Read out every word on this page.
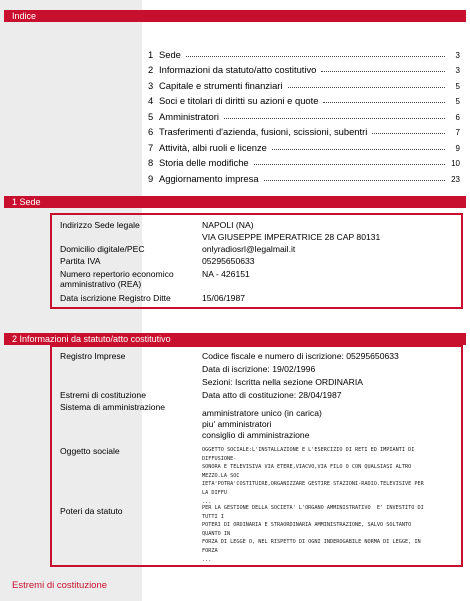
Indice
1 Sede	3
2 Informazioni da statuto/atto costitutivo	3
3 Capitale e strumenti finanziari	5
4 Soci e titolari di diritti su azioni e quote	5
5 Amministratori	6
6 Trasferimenti d'azienda, fusioni, scissioni, subentri	7
7 Attività, albi ruoli e licenze	9
8 Storia delle modifiche	10
9 Aggiornamento impresa	23
1 Sede
Indirizzo Sede legale	NAPOLI (NA)
VIA GIUSEPPE IMPERATRICE 28 CAP 80131
Domicilio digitale/PEC	onlyradiosrl@legalmail.it
Partita IVA	05295650633
Numero repertorio economico	NA - 426151
amministrativo (REA)
Data iscrizione Registro Ditte	15/06/1987
2 Informazioni da statuto/atto costitutivo
Registro Imprese	Codice fiscale e numero di iscrizione: 05295650633
Data di iscrizione: 19/02/1996
Sezioni: Iscritta nella sezione ORDINARIA
Estremi di costituzione	Data atto di costituzione: 28/04/1987
Sistema di amministrazione
amministratore unico (in carica)
piu' amministratori
consiglio di amministrazione
Oggetto sociale	OGGETTO SOCIALE:L'INSTALLAZIONE E L'ESERCIZIO DI RETI ED IMPIANTI DI
DIFFUSIONE-
SONORA E TELEVISIVA VIA ETERE,VIACVO,VIA FILO O CON QUALSIASI ALTRO
MEZZO.LA SOC
IETA'POTRA'COSTITUIRE,ORGANIZZARE GESTIRE STAZIONI-RADIO.TELEVISIVE PER
LA DIFFU
...
Poteri da statuto	PER LA GESTIONE DELLA SOCIETA' L'ORGANO AMMINISTRATIVO  E' INVESTITO DI
TUTTI I
POTERI DI ORDINARIA E STRAORDINARIA AMMINISTRAZIONE, SALVO SOLTANTO
QUANTO IN
FORZA DI LEGGE O, NEL RISPETTO DI OGNI INDEROGABILE NORMA DI LEGGE, IN
FORZA
...
Estremi di costituzione
